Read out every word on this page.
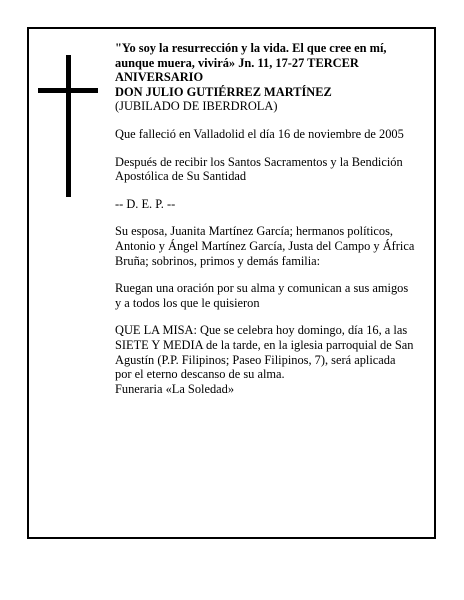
"Yo soy la resurrección y la vida. El que cree en mí, aunque muera, vivirá» Jn. 11, 17-27 TERCER ANIVERSARIO

DON JULIO GUTIÉRREZ MARTÍNEZ

(JUBILADO DE IBERDROLA)

Que falleció en Valladolid el día 16 de noviembre de 2005

Después de recibir los Santos Sacramentos y la Bendición Apostólica de Su Santidad

-- D. E. P. --

Su esposa, Juanita Martínez García; hermanos políticos, Antonio y Ángel Martínez García, Justa del Campo y África Bruña; sobrinos, primos y demás familia:

Ruegan una oración por su alma y comunican a sus amigos y a todos los que le quisieron

QUE LA MISA: Que se celebra hoy domingo, día 16, a las SIETE Y MEDIA de la tarde, en la iglesia parroquial de San Agustín (P.P. Filipinos; Paseo Filipinos, 7), será aplicada por el eterno descanso de su alma.

Funeraria «La Soledad»
